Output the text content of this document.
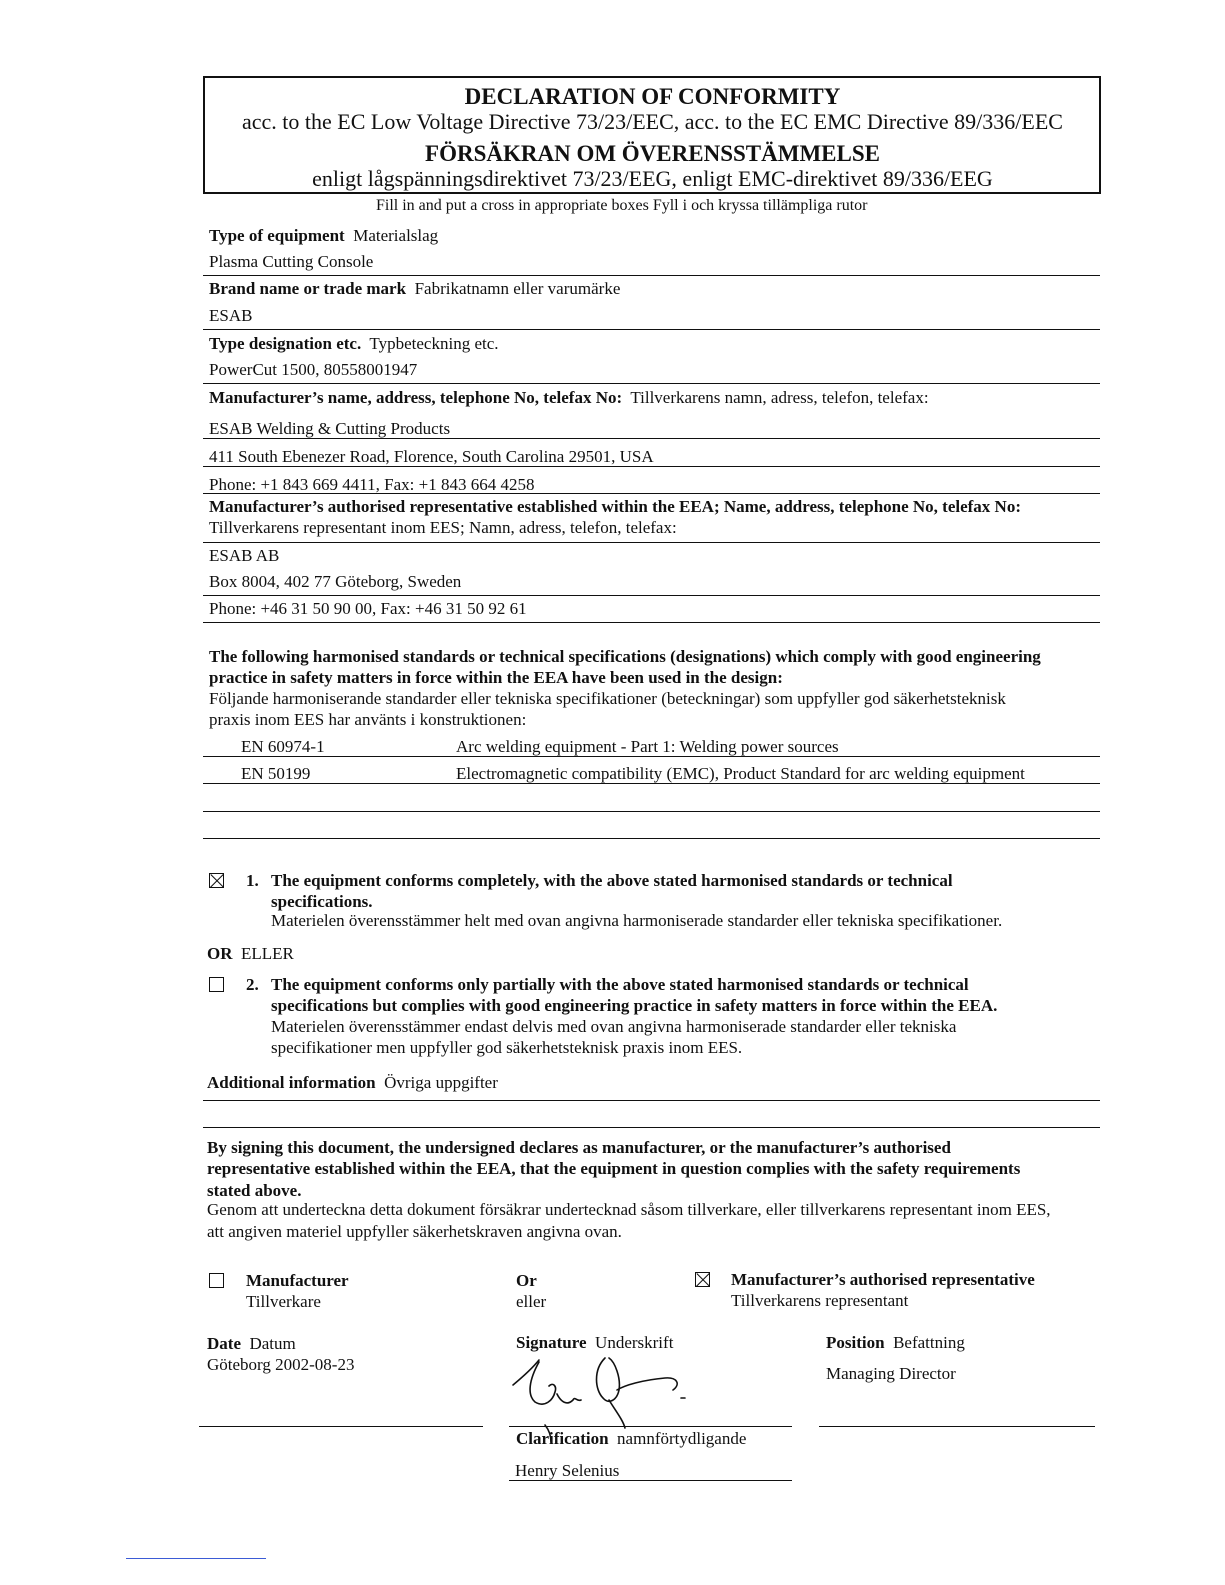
DECLARATION OF CONFORMITY
acc. to the EC Low Voltage Directive 73/23/EEC, acc. to the EC EMC Directive 89/336/EEC
FÖRSÄKRAN OM ÖVERENSSTÄMMELSE
enligt lågspänningsdirektivet 73/23/EEG, enligt EMC-direktivet 89/336/EEG
Fill in and put a cross in appropriate boxes Fyll i och kryssa tillämpliga rutor
Type of equipment Materialslag
Plasma Cutting Console
Brand name or trade mark Fabrikatnamn eller varumärke
ESAB
Type designation etc. Typbeteckning etc.
PowerCut 1500, 80558001947
Manufacturer’s name, address, telephone No, telefax No: Tillverkarens namn, adress, telefon, telefax:
ESAB Welding & Cutting Products
411 South Ebenezer Road, Florence, South Carolina 29501, USA
Phone: +1 843 669 4411, Fax: +1 843 664 4258
Manufacturer’s authorised representative established within the EEA; Name, address, telephone No, telefax No:
Tillverkarens representant inom EES; Namn, adress, telefon, telefax:
ESAB AB
Box 8004, 402 77 Göteborg, Sweden
Phone: +46 31 50 90 00, Fax: +46 31 50 92 61
The following harmonised standards or technical specifications (designations) which comply with good engineering
practice in safety matters in force within the EEA have been used in the design:
Följande harmoniserande standarder eller tekniska specifikationer (beteckningar) som uppfyller god säkerhetsteknisk
praxis inom EES har använts i konstruktionen:
EN 60974-1	Arc welding equipment - Part 1: Welding power sources
EN 50199	Electromagnetic compatibility (EMC), Product Standard for arc welding equipment
1. The equipment conforms completely, with the above stated harmonised standards or technical
specifications.
Materielen överensstämmer helt med ovan angivna harmoniserade standarder eller tekniska specifikationer.
OR ELLER
2. The equipment conforms only partially with the above stated harmonised standards or technical
specifications but complies with good engineering practice in safety matters in force within the EEA.
Materielen överensstämmer endast delvis med ovan angivna harmoniserade standarder eller tekniska
specifikationer men uppfyller god säkerhetsteknisk praxis inom EES.
Additional information Övriga uppgifter
By signing this document, the undersigned declares as manufacturer, or the manufacturer’s authorised
representative established within the EEA, that the equipment in question complies with the safety requirements
stated above.
Genom att underteckna detta dokument försäkrar undertecknad såsom tillverkare, eller tillverkarens representant inom EES,
att angiven materiel uppfyller säkerhetskraven angivna ovan.
Manufacturer
Tillverkare
Or
eller
Manufacturer’s authorised representative
Tillverkarens representant
Date Datum
Göteborg 2002-08-23
Signature Underskrift	Position Befattning
Managing Director
Clarification namnförtydligande
Henry Selenius
